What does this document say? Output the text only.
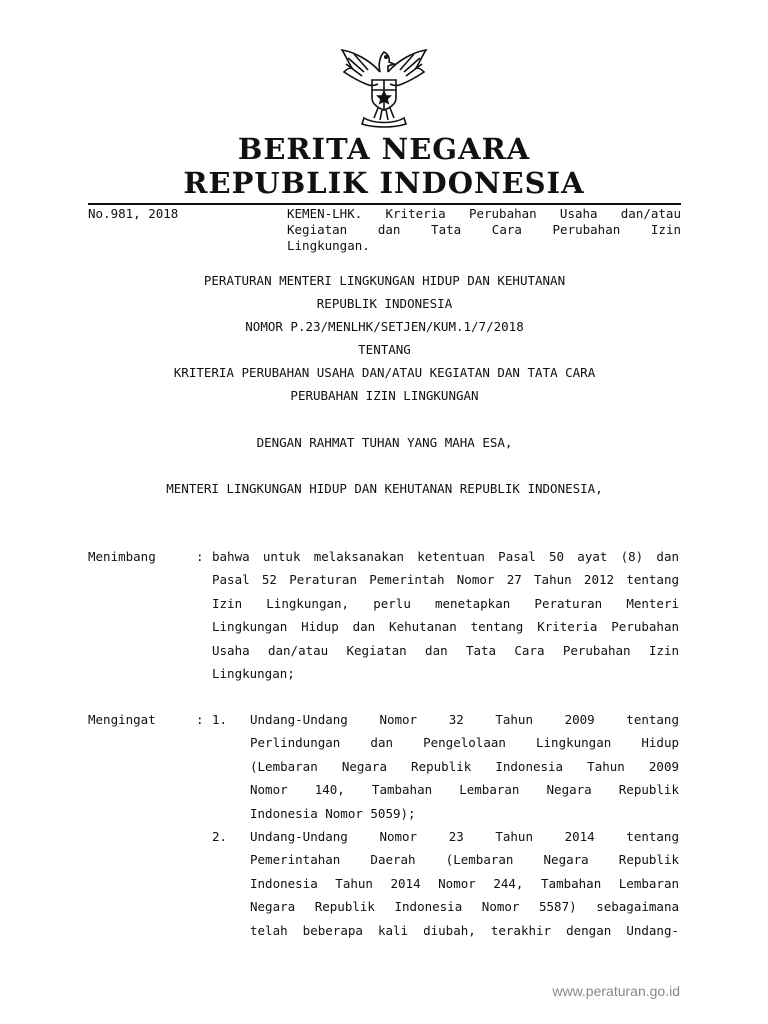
BERITA NEGARA
REPUBLIK INDONESIA
No.981, 2018	KEMEN-LHK. Kriteria Perubahan Usaha dan/atau
Kegiatan dan Tata Cara Perubahan Izin
Lingkungan.
PERATURAN MENTERI LINGKUNGAN HIDUP DAN KEHUTANAN
REPUBLIK INDONESIA
NOMOR P.23/MENLHK/SETJEN/KUM.1/7/2018
TENTANG
KRITERIA PERUBAHAN USAHA DAN/ATAU KEGIATAN DAN TATA CARA
PERUBAHAN IZIN LINGKUNGAN
DENGAN RAHMAT TUHAN YANG MAHA ESA,
MENTERI LINGKUNGAN HIDUP DAN KEHUTANAN REPUBLIK INDONESIA,
Menimbang	: bahwa untuk melaksanakan ketentuan Pasal 50 ayat (8) dan
Pasal 52 Peraturan Pemerintah Nomor 27 Tahun 2012 tentang
Izin Lingkungan, perlu menetapkan Peraturan Menteri
Lingkungan Hidup dan Kehutanan tentang Kriteria Perubahan
Usaha dan/atau Kegiatan dan Tata Cara Perubahan Izin
Lingkungan;
Mengingat	: 1. Undang-Undang Nomor 32 Tahun 2009 tentang
Perlindungan dan Pengelolaan Lingkungan Hidup
(Lembaran Negara Republik Indonesia Tahun 2009
Nomor 140, Tambahan Lembaran Negara Republik
Indonesia Nomor 5059);
2. Undang-Undang Nomor 23 Tahun 2014 tentang
Pemerintahan Daerah (Lembaran Negara Republik
Indonesia Tahun 2014 Nomor 244, Tambahan Lembaran
Negara Republik Indonesia Nomor 5587) sebagaimana
telah beberapa kali diubah, terakhir dengan Undang-
www.peraturan.go.id
